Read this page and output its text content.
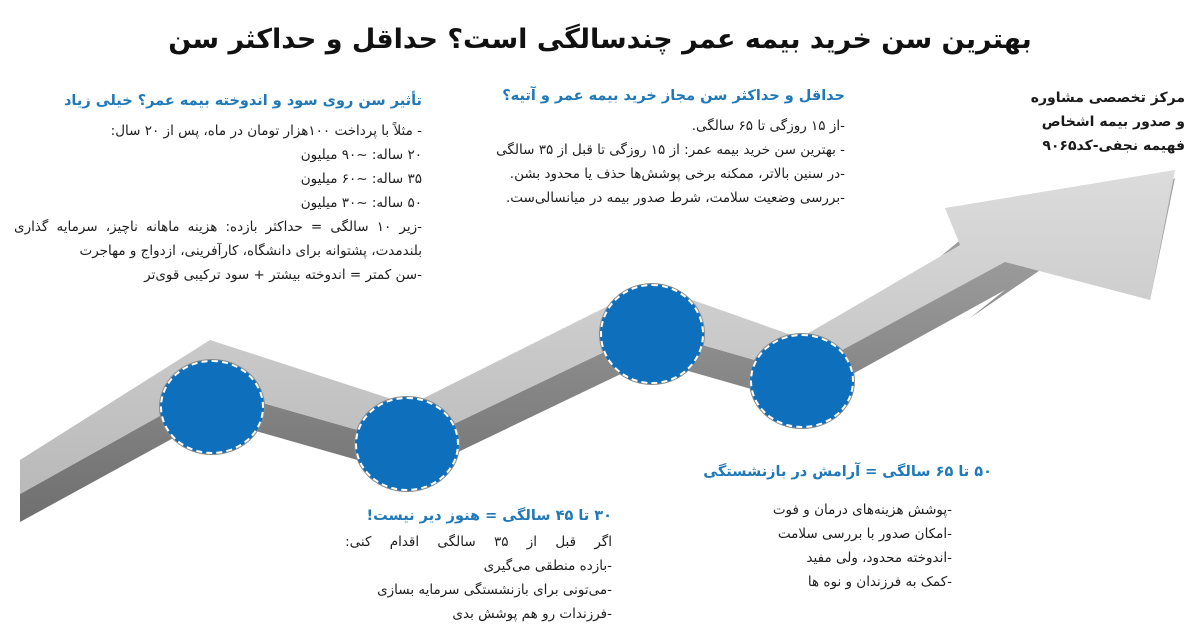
بهترین سن خرید بیمه عمر چندسالگی است؟ حداقل و حداکثر سن
مرکز تخصصی مشاوره
و صدور بیمه اشخاص
فهیمه نجفی-کد۹۰۶۵
تأثیر سن روی سود و اندوخته بیمه عمر؟ خیلی زیاد
- مثلاً با پرداخت ۱۰۰هزار تومان در ماه، پس از ۲۰ سال:
۲۰ ساله: ~۹۰ میلیون
۳۵ ساله: ~۶۰ میلیون
۵۰ ساله: ~۳۰ میلیون
-زیر ۱۰ سالگی = حداکثر بازده: هزینه ماهانه ناچیز، سرمایه گذاری بلندمدت، پشتوانه برای دانشگاه، کارآفرینی، ازدواج و مهاجرت
-سن کمتر = اندوخته بیشتر + سود ترکیبی قوی‌تر
حداقل و حداکثر سن مجاز خرید بیمه عمر و آتیه؟
-از ۱۵ روزگی تا ۶۵ سالگی.
- بهترین سن خرید بیمه عمر: از ۱۵ روزگی تا قبل از ۳۵ سالگی
-در سنین بالاتر، ممکنه برخی پوشش‌ها حذف یا محدود بشن.
-بررسی وضعیت سلامت، شرط صدور بیمه در میانسالی‌ست.
۳۰ تا ۴۵ سالگی = هنوز دیر نیست!
اگر قبل از ۳۵ سالگی اقدام کنی:
-بازده منطقی می‌گیری
-می‌تونی برای بازنشستگی سرمایه بسازی
-فرزندات رو هم پوشش بدی
۵۰ تا ۶۵ سالگی = آرامش در بازنشستگی
-پوشش هزینه‌های درمان و فوت
-امکان صدور با بررسی سلامت
-اندوخته محدود، ولی مفید
-کمک به فرزندان و نوه ها
